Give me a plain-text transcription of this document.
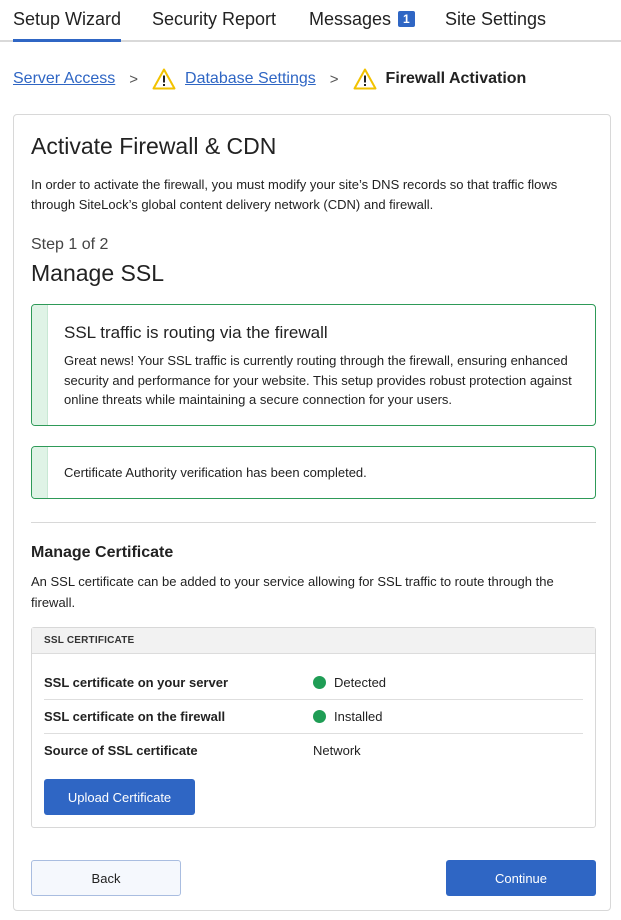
Setup Wizard Security Report Messages 1 Site Settings
Server Access >	Database Settings >	Firewall Activation
Activate Firewall & CDN
In order to activate the firewall, you must modify your site’s DNS records so that traffic flows through SiteLock’s global content delivery network (CDN) and firewall.
Step 1 of 2
Manage SSL
SSL traffic is routing via the firewall
Great news! Your SSL traffic is currently routing through the firewall, ensuring enhanced security and performance for your website. This setup provides robust protection against online threats while maintaining a secure connection for your users.
Certificate Authority verification has been completed.
Manage Certificate
An SSL certificate can be added to your service allowing for SSL traffic to route through the firewall.
SSL CERTIFICATE
SSL certificate on your server	Detected
SSL certificate on the firewall	Installed
Source of SSL certificate	Network
Upload Certificate
Back	Continue
